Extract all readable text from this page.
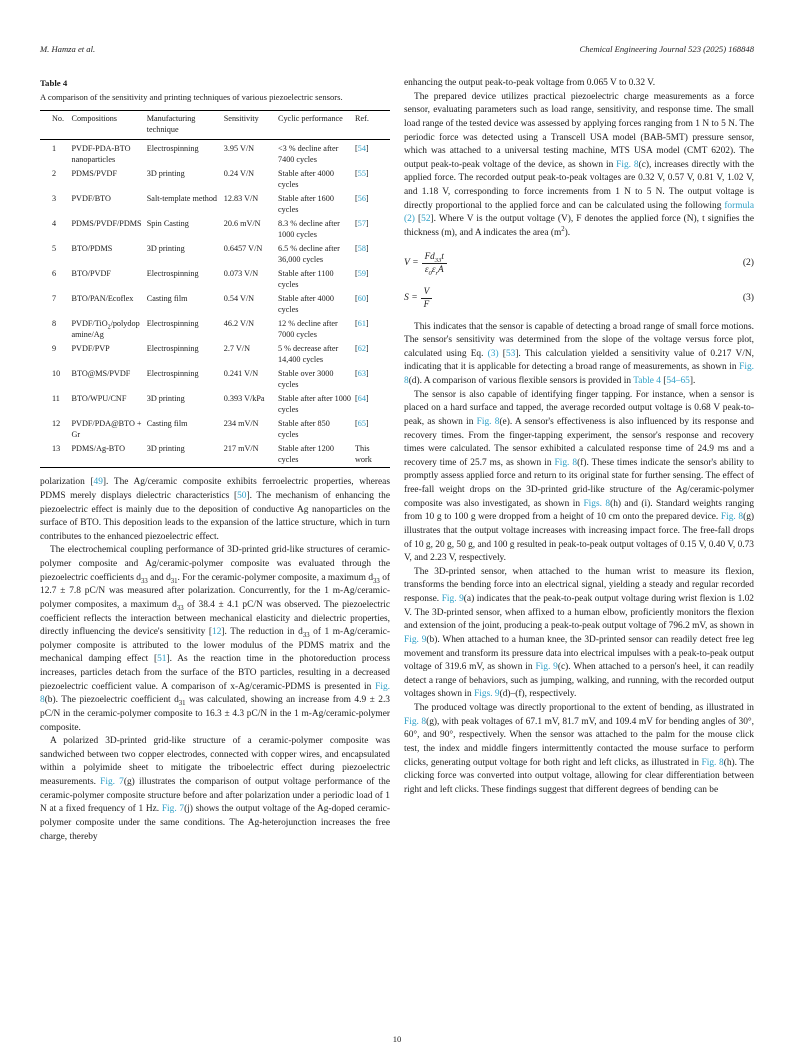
M. Hamza et al.	Chemical Engineering Journal 523 (2025) 168848

Table 4

A comparison of the sensitivity and printing techniques of various piezoelectric sensors.

No.	Compositions	Manufacturing technique	Sensitivity	Cyclic performance	Ref.
1	PVDF-PDA-BTO nanoparticles	Electrospinning	3.95 V/N	<3 % decline after 7400 cycles	[54]
2	PDMS/PVDF	3D printing	0.24 V/N	Stable after 4000 cycles	[55]
3	PVDF/BTO	Salt-template method	12.83 V/N	Stable after 1600 cycles	[56]
4	PDMS/PVDF/PDMS	Spin Casting	20.6 mV/N	8.3 % decline after 1000 cycles	[57]
5	BTO/PDMS	3D printing	0.6457 V/N	6.5 % decline after 36,000 cycles	[58]
6	BTO/PVDF	Electrospinning	0.073 V/N	Stable after 1100 cycles	[59]
7	BTO/PAN/Ecoflex	Casting film	0.54 V/N	Stable after 4000 cycles	[60]
8	PVDF/TiO$_2$/polydopamine/Ag	Electrospinning	46.2 V/N	12 % decline after 7000 cycles	[61]
9	PVDF/PVP	Electrospinning	2.7 V/N	5 % decrease after 14,400 cycles	[62]
10	BTO@MS/PVDF	Electrospinning	0.241 V/N	Stable over 3000 cycles	[63]
11	BTO/WPU/CNF	3D printing	0.393 V/kPa	Stable after after 1000 cycles	[64]
12	PVDF/PDA@BTO + Gr	Casting film	234 mV/N	Stable after 850 cycles	[65]
13	PDMS/Ag-BTO	3D printing	217 mV/N	Stable after 1200 cycles	This work

polarization [49]. The Ag/ceramic composite exhibits ferroelectric properties, whereas PDMS merely displays dielectric characteristics [50]. The mechanism of enhancing the piezoelectric effect is mainly due to the deposition of conductive Ag nanoparticles on the surface of BTO. This deposition leads to the expansion of the lattice structure, which in turn contributes to the enhanced piezoelectric effect.

The electrochemical coupling performance of 3D-printed grid-like structures of ceramic-polymer composite and Ag/ceramic-polymer composite was evaluated through the piezoelectric coefficients $d_{33}$ and $d_{31}$. For the ceramic-polymer composite, a maximum $d_{33}$ of 12.7 ± 7.8 pC/N was measured after polarization. Concurrently, for the 1 m-Ag/ceramic-polymer composites, a maximum $d_{33}$ of 38.4 ± 4.1 pC/N was observed. The piezoelectric coefficient reflects the interaction between mechanical elasticity and dielectric properties, directly influencing the device's sensitivity [12]. The reduction in $d_{33}$ of 1 m-Ag/ceramic-polymer composite is attributed to the lower modulus of the PDMS matrix and the mechanical damping effect [51]. As the reaction time in the photoreduction process increases, particles detach from the surface of the BTO particles, resulting in a decreased piezoelectric coefficient value. A comparison of x-Ag/ceramic-PDMS is presented in Fig. 8(b). The piezoelectric coefficient $d_{31}$ was calculated, showing an increase from 4.9 ± 2.3 pC/N in the ceramic-polymer composite to 16.3 ± 4.3 pC/N in the 1 m-Ag/ceramic-polymer composite.

A polarized 3D-printed grid-like structure of a ceramic-polymer composite was sandwiched between two copper electrodes, connected with copper wires, and encapsulated within a polyimide sheet to mitigate the triboelectric effect during piezoelectric measurements. Fig. 7(g) illustrates the comparison of output voltage performance of the ceramic-polymer composite structure before and after polarization under a periodic load of 1 N at a fixed frequency of 1 Hz. Fig. 7(j) shows the output voltage of the Ag-doped ceramic-polymer composite under the same conditions. The Ag-heterojunction increases the free charge, thereby

enhancing the output peak-to-peak voltage from 0.065 V to 0.32 V.

The prepared device utilizes practical piezoelectric charge measurements as a force sensor, evaluating parameters such as load range, sensitivity, and response time. The small load range of the tested device was assessed by applying forces ranging from 1 N to 5 N. The periodic force was detected using a Transcell USA model (BAB-5MT) pressure sensor, which was attached to a universal testing machine, MTS USA model (CMT 6202). The output peak-to-peak voltage of the device, as shown in Fig. 8(c), increases directly with the applied force. The recorded output peak-to-peak voltages are 0.32 V, 0.57 V, 0.81 V, 1.02 V, and 1.18 V, corresponding to force increments from 1 N to 5 N. The output voltage is directly proportional to the applied force and can be calculated using the following formula (2) [52]. Where V is the output voltage (V), F denotes the applied force (N), t signifies the thickness (m), and A indicates the area $(m^2)$.

$V = \frac{Fd_{33}t}{\varepsilon_0\varepsilon_rA}$	(2)
$S = \frac{V}{F}$	(3)

This indicates that the sensor is capable of detecting a broad range of small force motions. The sensor's sensitivity was determined from the slope of the voltage versus force plot, calculated using Eq. (3) [53]. This calculation yielded a sensitivity value of 0.217 V/N, indicating that it is applicable for detecting a broad range of measurements, as shown in Fig. 8(d). A comparison of various flexible sensors is provided in Table 4 [54–65].

The sensor is also capable of identifying finger tapping. For instance, when a sensor is placed on a hard surface and tapped, the average recorded output voltage is 0.68 V peak-to-peak, as shown in Fig. 8(e). A sensor's effectiveness is also influenced by its response and recovery times. From the finger-tapping experiment, the sensor's response and recovery times were calculated. The sensor exhibited a calculated response time of 24.9 ms and a recovery time of 25.7 ms, as shown in Fig. 8(f). These times indicate the sensor's ability to promptly assess applied force and return to its original state for further sensing. The effect of free-fall weight drops on the 3D-printed grid-like structure of the Ag/ceramic-polymer composite was also investigated, as shown in Figs. 8(h) and (i). Standard weights ranging from 10 g to 100 g were dropped from a height of 10 cm onto the prepared device. Fig. 8(g) illustrates that the output voltage increases with increasing impact force. The free-fall drops of 10 g, 20 g, 50 g, and 100 g resulted in peak-to-peak output voltages of 0.15 V, 0.40 V, 0.73 V, and 2.23 V, respectively.

The 3D-printed sensor, when attached to the human wrist to measure its flexion, transforms the bending force into an electrical signal, yielding a steady and regular recorded response. Fig. 9(a) indicates that the peak-to-peak output voltage during wrist flexion is 1.02 V. The 3D-printed sensor, when affixed to a human elbow, proficiently monitors the flexion and extension of the joint, producing a peak-to-peak output voltage of 796.2 mV, as shown in Fig. 9(b). When attached to a human knee, the 3D-printed sensor can readily detect free leg movement and transform its pressure data into electrical impulses with a peak-to-peak output voltage of 319.6 mV, as shown in Fig. 9(c). When attached to a person's heel, it can readily detect a range of behaviors, such as jumping, walking, and running, with the recorded output voltages shown in Figs. 9(d)–(f), respectively.

The produced voltage was directly proportional to the extent of bending, as illustrated in Fig. 8(g), with peak voltages of 67.1 mV, 81.7 mV, and 109.4 mV for bending angles of 30°, 60°, and 90°, respectively. When the sensor was attached to the palm for the mouse click test, the index and middle fingers intermittently contacted the mouse surface to perform clicks, generating output voltage for both right and left clicks, as illustrated in Fig. 8(h). The clicking force was converted into output voltage, allowing for clear differentiation between right and left clicks. These findings suggest that different degrees of bending can be

10
